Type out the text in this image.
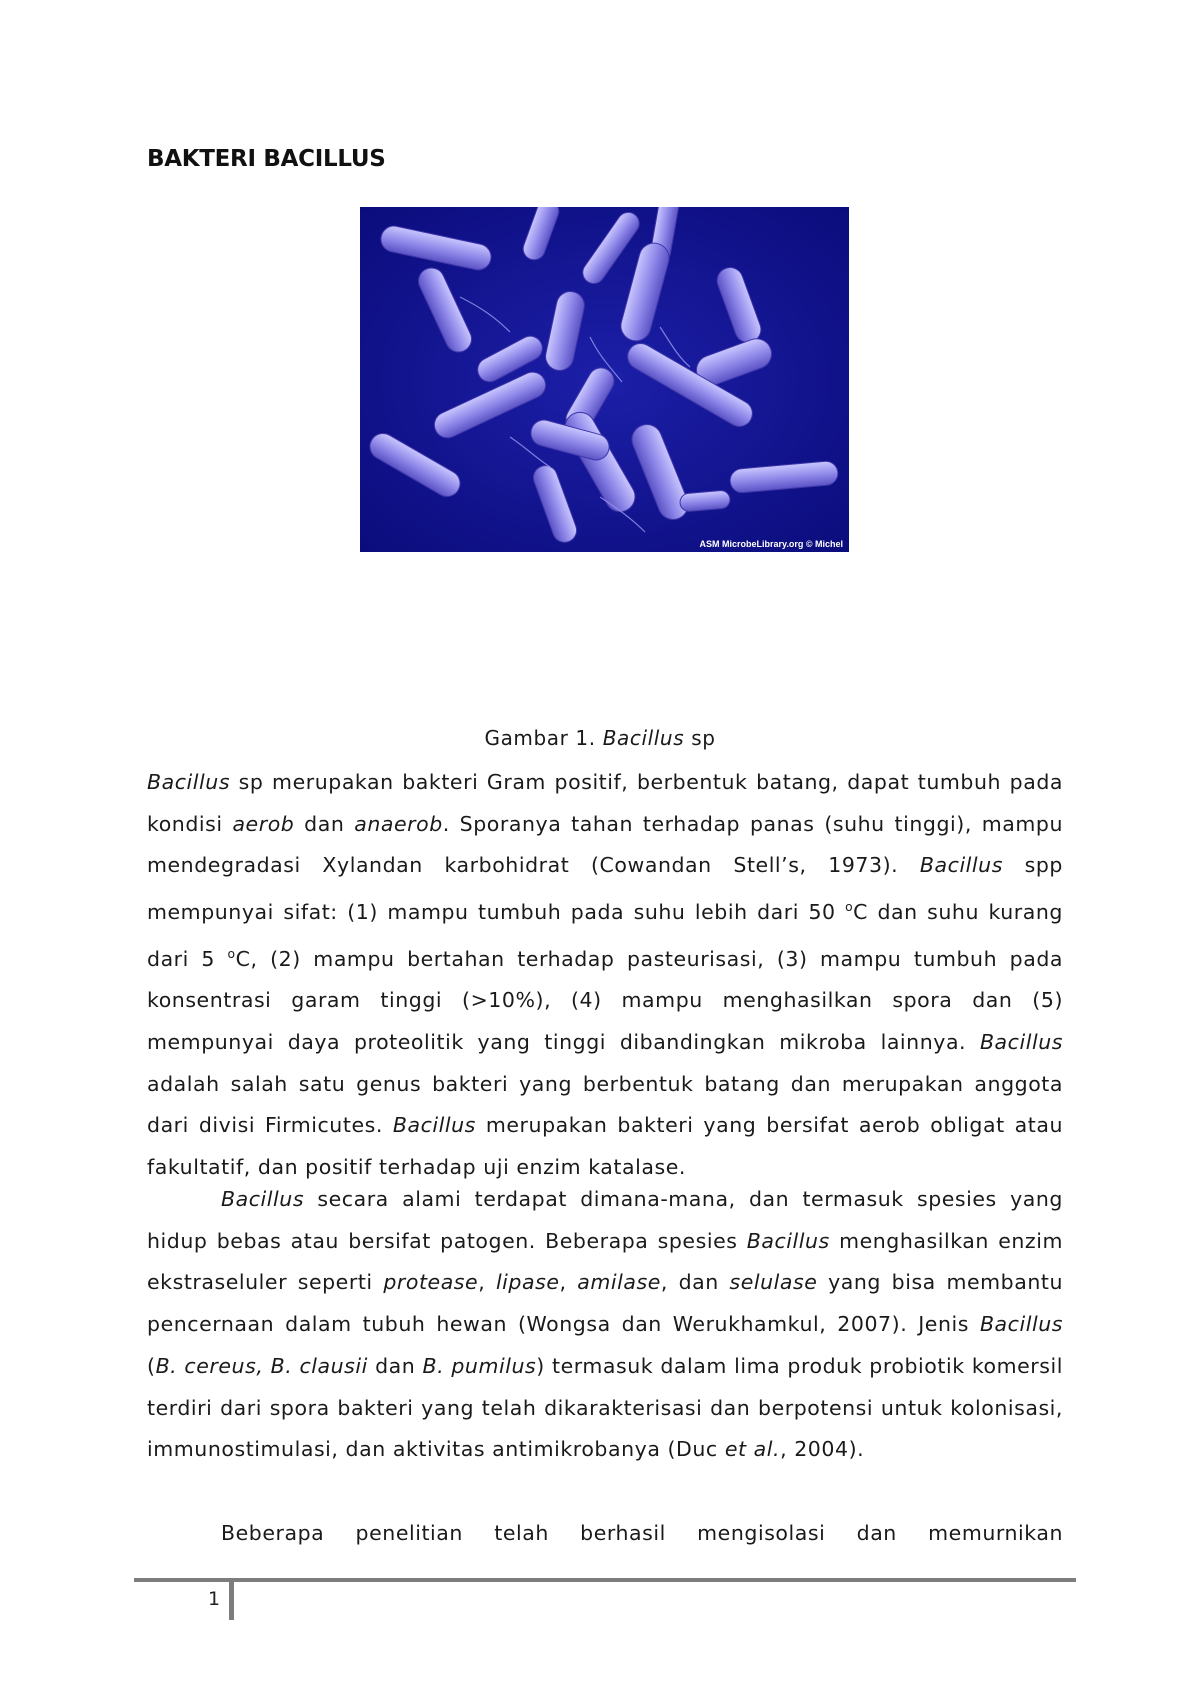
BAKTERI BACILLUS
ASM MicrobeLibrary.org © Michel

Gambar 1. Bacillus sp

Bacillus sp merupakan bakteri Gram positif, berbentuk batang, dapat tumbuh pada kondisi aerob dan anaerob. Sporanya tahan terhadap panas (suhu tinggi), mampu mendegradasi Xylandan karbohidrat (Cowandan Stell’s, 1973). Bacillus spp mempunyai sifat: (1) mampu tumbuh pada suhu lebih dari 50 $^o$C dan suhu kurang dari 5 $^o$C, (2) mampu bertahan terhadap pasteurisasi, (3) mampu tumbuh pada konsentrasi garam tinggi (>10%), (4) mampu menghasilkan spora dan (5) mempunyai daya proteolitik yang tinggi dibandingkan mikroba lainnya. Bacillus adalah salah satu genus bakteri yang berbentuk batang dan merupakan anggota dari divisi Firmicutes. Bacillus merupakan bakteri yang bersifat aerob obligat atau fakultatif, dan positif terhadap uji enzim katalase.

Bacillus secara alami terdapat dimana-mana, dan termasuk spesies yang hidup bebas atau bersifat patogen. Beberapa spesies Bacillus menghasilkan enzim ekstraseluler seperti protease, lipase, amilase, dan selulase yang bisa membantu pencernaan dalam tubuh hewan (Wongsa dan Werukhamkul, 2007). Jenis Bacillus (B. cereus, B. clausii dan B. pumilus) termasuk dalam lima produk probiotik komersil terdiri dari spora bakteri yang telah dikarakterisasi dan berpotensi untuk kolonisasi, immunostimulasi, dan aktivitas antimikrobanya (Duc et al., 2004).

Beberapa penelitian telah berhasil mengisolasi dan memurnikan

1
